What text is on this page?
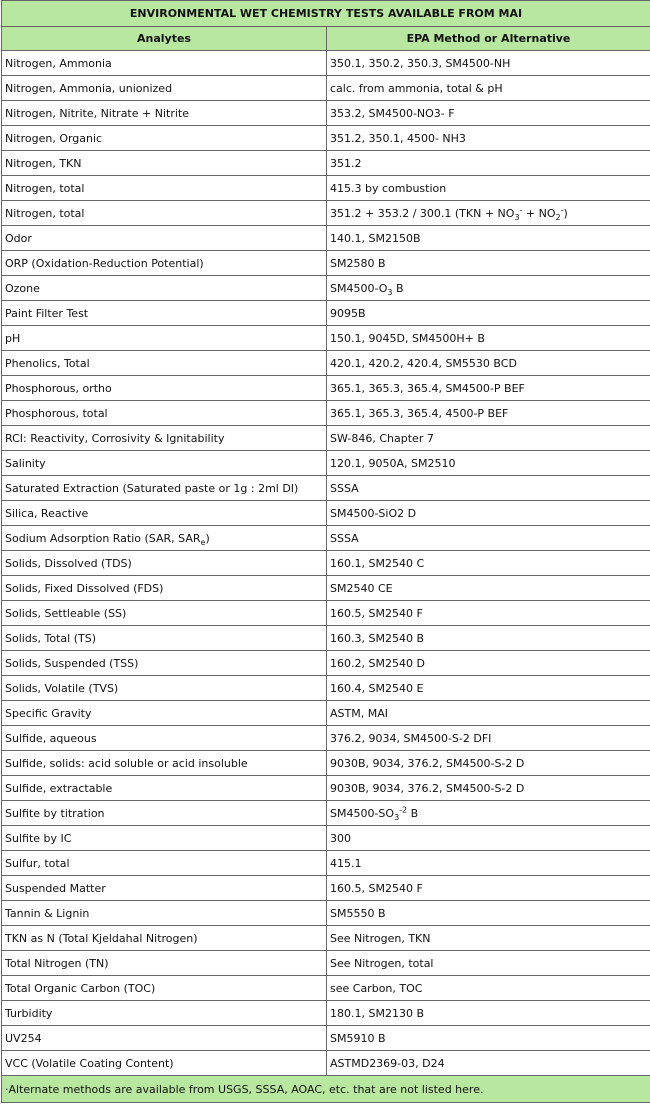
ENVIRONMENTAL WET CHEMISTRY TESTS AVAILABLE FROM MAI	
Analytes	EPA Method or Alternative
Nitrogen, Ammonia	350.1, 350.2, 350.3, SM4500-NH
Nitrogen, Ammonia, unionized	calc. from ammonia, total & pH
Nitrogen, Nitrite, Nitrate + Nitrite	353.2, SM4500-NO3- F
Nitrogen, Organic	351.2, 350.1, 4500- NH3
Nitrogen, TKN	351.2
Nitrogen, total	415.3 by combustion
Nitrogen, total	351.2 + 353.2 / 300.1 $(TKN + NO_3^- + NO_2^-)$
Odor	140.1, SM2150B
ORP (Oxidation-Reduction Potential)	SM2580 B
Ozone	$SM4500-O_3$ B
Paint Filter Test	9095B
pH	150.1, 9045D, SM4500H+ B
Phenolics, Total	420.1, 420.2, 420.4, SM5530 BCD
Phosphorous, ortho	365.1, 365.3, 365.4, SM4500-P BEF
Phosphorous, total	365.1, 365.3, 365.4, 4500-P BEF
RCI: Reactivity, Corrosivity & Ignitability	SW-846, Chapter 7
Salinity	120.1, 9050A, SM2510
Saturated Extraction (Saturated paste or 1g : 2ml DI)	SSSA
Silica, Reactive	SM4500-SiO2 D
Sodium Adsorption Ratio (SAR, $SAR_e$)	SSSA
Solids, Dissolved (TDS)	160.1, SM2540 C
Solids, Fixed Dissolved (FDS)	SM2540 CE
Solids, Settleable (SS)	160.5, SM2540 F
Solids, Total (TS)	160.3, SM2540 B
Solids, Suspended (TSS)	160.2, SM2540 D
Solids, Volatile (TVS)	160.4, SM2540 E
Specific Gravity	ASTM, MAI
Sulfide, aqueous	376.2, 9034, SM4500-S-2 DFI
Sulfide, solids: acid soluble or acid insoluble	9030B, 9034, 376.2, SM4500-S-2 D
Sulfide, extractable	9030B, 9034, 376.2, SM4500-S-2 D
Sulfite by titration	$SM4500-SO_3^{-2}$ B
Sulfite by IC	300
Sulfur, total	415.1
Suspended Matter	160.5, SM2540 F
Tannin & Lignin	SM5550 B
TKN as N (Total Kjeldahal Nitrogen)	See Nitrogen, TKN
Total Nitrogen (TN)	See Nitrogen, total
Total Organic Carbon (TOC)	see Carbon, TOC
Turbidity	180.1, SM2130 B
UV254	SM5910 B
VCC (Volatile Coating Content)	ASTMD2369-03, D24
·Alternate methods are available from USGS, SSSA, AOAC, etc. that are not listed here.	
